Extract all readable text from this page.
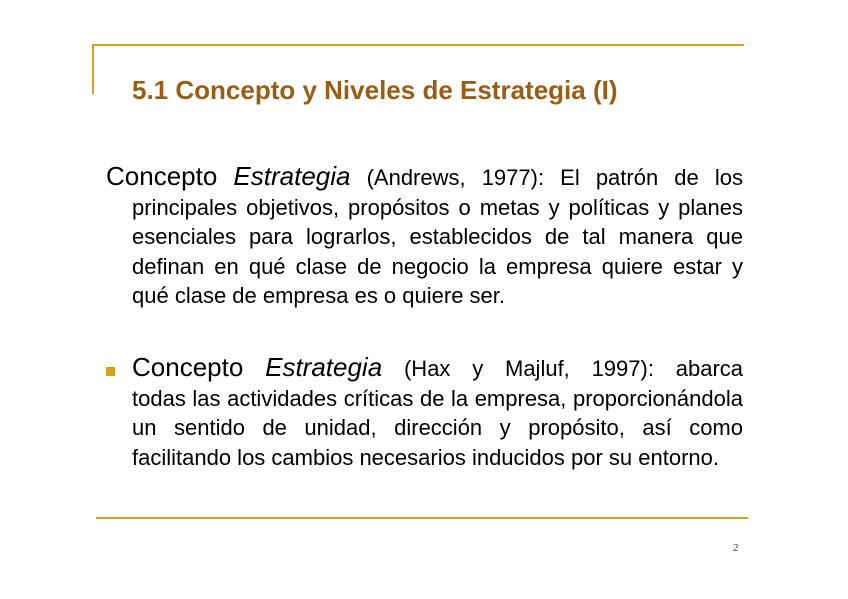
5.1 Concepto y Niveles de Estrategia (I)
Concepto Estrategia (Andrews, 1977): El patrón de los
principales objetivos, propósitos o metas y políticas y planes esenciales para lograrlos, establecidos de tal manera que definan en qué clase de negocio la empresa quiere estar y qué clase de empresa es o quiere ser.
Concepto Estrategia (Hax y Majluf, 1997): abarca
todas las actividades críticas de la empresa, proporcionándola un sentido de unidad, dirección y propósito, así como facilitando los cambios necesarios inducidos por su entorno.
2
